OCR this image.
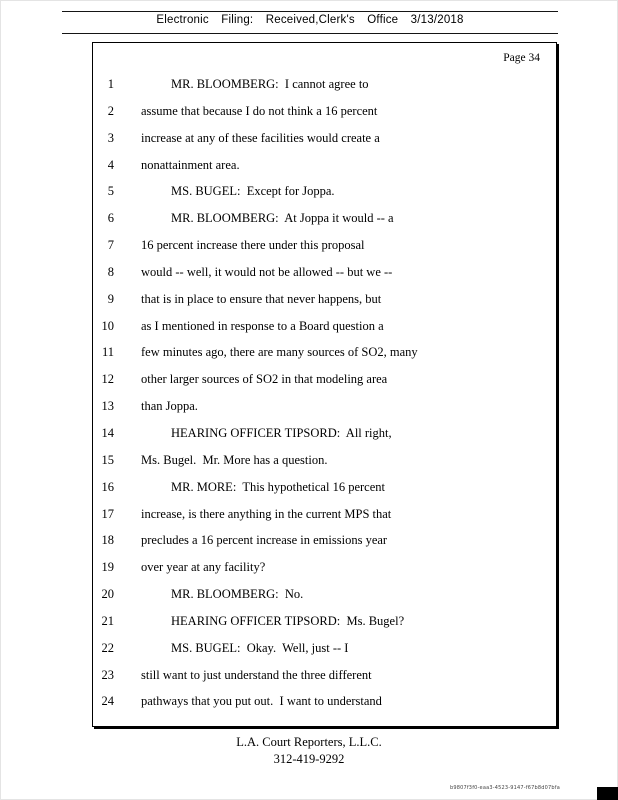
Electronic Filing: Received,Clerk's Office 3/13/2018
Page 34
1	MR. BLOOMBERG:  I cannot agree to
2 assume that because I do not think a 16 percent
3 increase at any of these facilities would create a
4 nonattainment area.
5	MS. BUGEL:  Except for Joppa.
6	MR. BLOOMBERG:  At Joppa it would -- a
7 16 percent increase there under this proposal
8 would -- well, it would not be allowed -- but we --
9 that is in place to ensure that never happens, but
10 as I mentioned in response to a Board question a
11 few minutes ago, there are many sources of SO2, many
12 other larger sources of SO2 in that modeling area
13 than Joppa.
14	HEARING OFFICER TIPSORD:  All right,
15 Ms. Bugel.  Mr. More has a question.
16	MR. MORE:  This hypothetical 16 percent
17 increase, is there anything in the current MPS that
18 precludes a 16 percent increase in emissions year
19 over year at any facility?
20	MR. BLOOMBERG:  No.
21	HEARING OFFICER TIPSORD:  Ms. Bugel?
22	MS. BUGEL:  Okay.  Well, just -- I
23 still want to just understand the three different
24 pathways that you put out.  I want to understand
L.A. Court Reporters, L.L.C.
312-419-9292
b9807f3f0-eaa3-4523-9147-f67b8d07bfa
